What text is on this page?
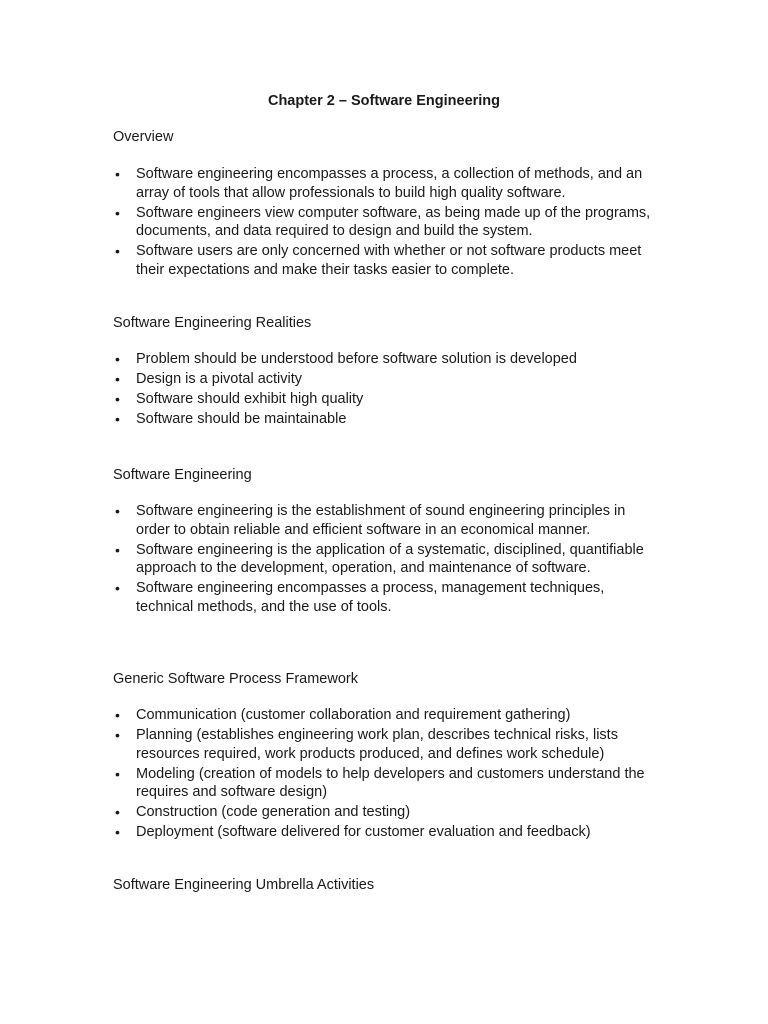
Chapter 2 – Software Engineering
Overview
• Software engineering encompasses a process, a collection of methods, and an array of tools that allow professionals to build high quality software.
• Software engineers view computer software, as being made up of the programs, documents, and data required to design and build the system.
• Software users are only concerned with whether or not software products meet their expectations and make their tasks easier to complete.
Software Engineering Realities
• Problem should be understood before software solution is developed
• Design is a pivotal activity
• Software should exhibit high quality
• Software should be maintainable
Software Engineering
• Software engineering is the establishment of sound engineering principles in order to obtain reliable and efficient software in an economical manner.
• Software engineering is the application of a systematic, disciplined, quantifiable approach to the development, operation, and maintenance of software.
• Software engineering encompasses a process, management techniques, technical methods, and the use of tools.
Generic Software Process Framework
• Communication (customer collaboration and requirement gathering)
• Planning (establishes engineering work plan, describes technical risks, lists resources required, work products produced, and defines work schedule)
• Modeling (creation of models to help developers and customers understand the requires and software design)
• Construction (code generation and testing)
• Deployment (software delivered for customer evaluation and feedback)
Software Engineering Umbrella Activities
